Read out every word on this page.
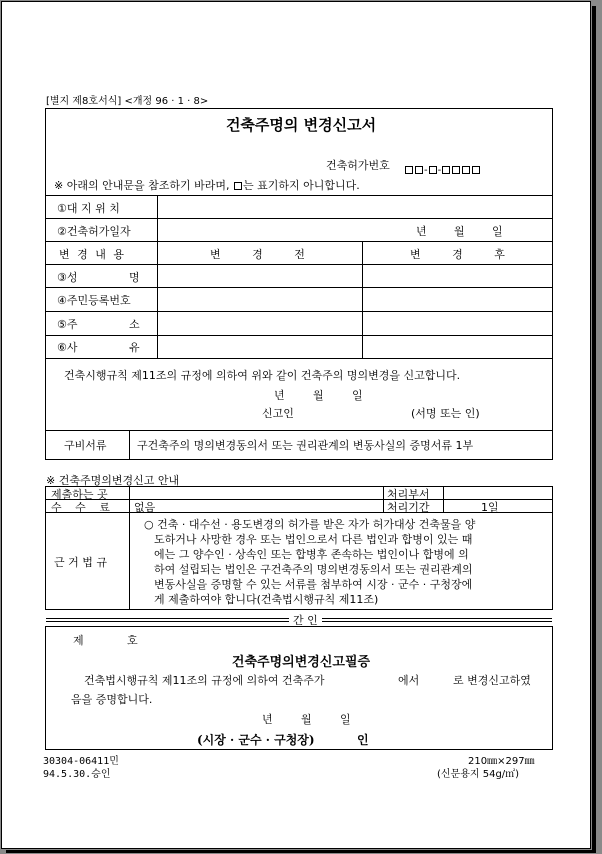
[별지 제8호서식] <개정 96 · 1 · 8>
건축주명의 변경신고서
건축허가번호	- -
※ 아래의 안내문을 참조하기 바라며, 는 표기하지 아니합니다.
①대 지 위 치
②건축허가일자	년 월 일
변 경 내 용	변 경 전	변 경 후
③성 명
④주민등록번호
⑤주 소
⑥사 유
건축시행규칙 제11조의 규정에 의하여 위와 같이 건축주의 명의변경을 신고합니다.
년	월	일
신고인	(서명 또는 인)
구비서류	구건축주의 명의변경동의서 또는 권리관계의 변동사실의 증명서류 1부
※ 건축주명의변경신고 안내
제출하는 곳	처리부서
수 수 료 없음	처리기간	1일
근 거 법 규
○ 건축 · 대수선 · 용도변경의 허가를 받은 자가 허가대상 건축물을 양
도하거나 사망한 경우 또는 법인으로서 다른 법인과 합병이 있는 때
에는 그 양수인 · 상속인 또는 합병후 존속하는 법인이나 합병에 의
하여 설립되는 법인은 구건축주의 명의변경동의서 또는 권리관계의
변동사실을 증명할 수 있는 서류를 첨부하여 시장 · 군수 · 구청장에
게 제출하여야 합니다(건축법시행규칙 제11조)
간 인
제	호
건축주명의변경신고필증
건축법시행규칙 제11조의 규정에 의하여 건축주가	에서	로 변경신고하였
음을 증명합니다.
년	월	일
(시장 · 군수 · 구청장)	인
30304-06411민
94.5.30.승인
210㎜×297㎜
(신문용지 54g/㎡)
